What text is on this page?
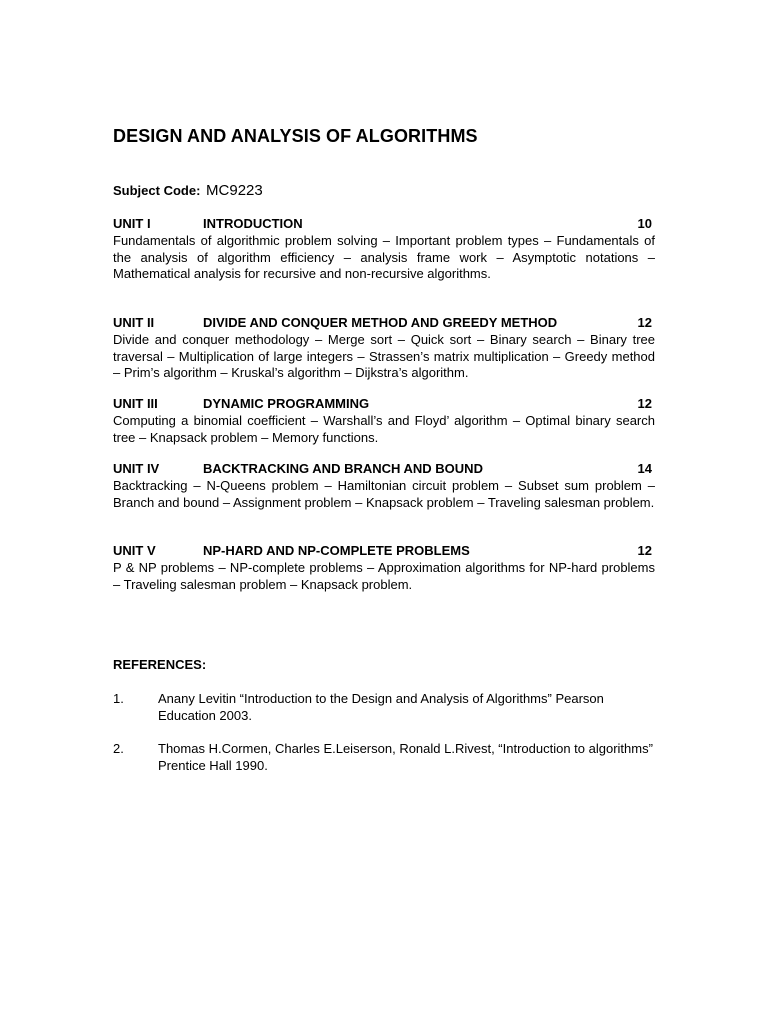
DESIGN AND ANALYSIS OF ALGORITHMS
Subject Code: MC9223
UNIT I	INTRODUCTION	10
Fundamentals of algorithmic problem solving – Important problem types – Fundamentals of the analysis of algorithm efficiency – analysis frame work – Asymptotic notations – Mathematical analysis for recursive and non-recursive algorithms.
UNIT II	DIVIDE AND CONQUER METHOD AND GREEDY METHOD	12
Divide and conquer methodology – Merge sort – Quick sort – Binary search – Binary tree traversal – Multiplication of large integers – Strassen’s matrix multiplication – Greedy method – Prim’s algorithm – Kruskal’s algorithm – Dijkstra’s algorithm.
UNIT III	DYNAMIC PROGRAMMING	12
Computing a binomial coefficient – Warshall’s and Floyd’ algorithm – Optimal binary search tree – Knapsack problem – Memory functions.
UNIT IV	BACKTRACKING AND BRANCH AND BOUND	14
Backtracking – N-Queens problem – Hamiltonian circuit problem – Subset sum problem – Branch and bound – Assignment problem – Knapsack problem – Traveling salesman problem.
UNIT V	NP-HARD AND NP-COMPLETE PROBLEMS	12
P & NP problems – NP-complete problems – Approximation algorithms for NP-hard problems – Traveling salesman problem – Knapsack problem.
REFERENCES:
1.	Anany Levitin “Introduction to the Design and Analysis of Algorithms” Pearson Education 2003.
2.	Thomas H.Cormen, Charles E.Leiserson, Ronald L.Rivest, “Introduction to algorithms” Prentice Hall 1990.
